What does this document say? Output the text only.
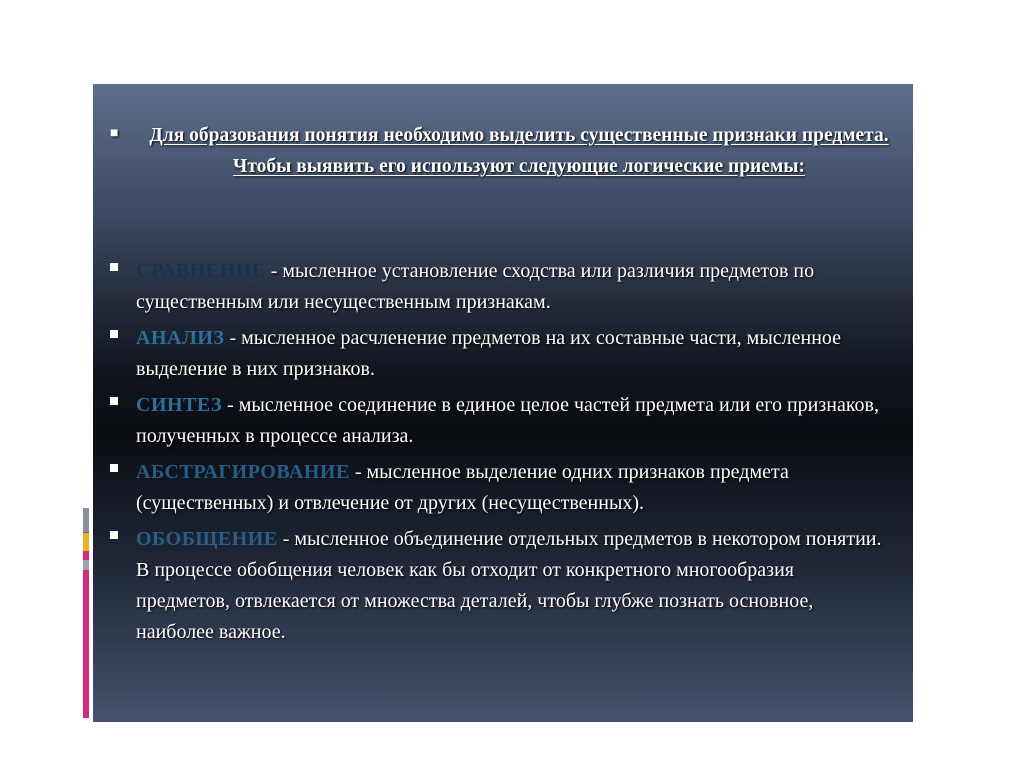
■	Для образования понятия необходимо выделить существенные признаки предмета. Чтобы выявить его используют следующие логические приемы:
СРАВНЕНИЕ - мысленное установление сходства или различия предметов по существенным или несущественным признакам.
АНАЛИЗ - мысленное расчленение предметов на их составные части, мысленное выделение в них признаков.
СИНТЕЗ - мысленное соединение в единое целое частей предмета или его признаков, полученных в процессе анализа.
АБСТРАГИРОВАНИЕ - мысленное выделение одних признаков предмета (существенных) и отвлечение от других (несущественных).
ОБОБЩЕНИЕ - мысленное объединение отдельных предметов в некотором понятии. В процессе обобщения человек как бы отходит от конкретного многообразия предметов, отвлекается от множества деталей, чтобы глубже познать основное, наиболее важное.
